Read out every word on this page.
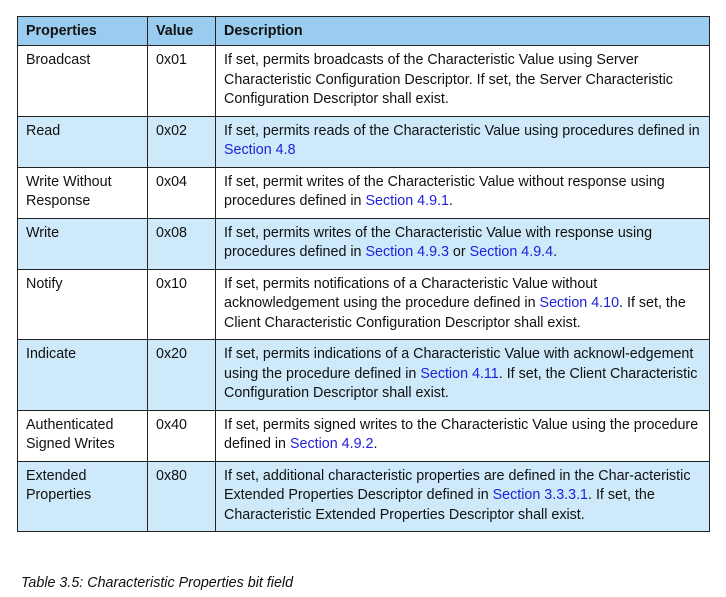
Properties	Value	Description
Broadcast	0x01	If set, permits broadcasts of the Characteristic Value using Server Characteristic Configuration Descriptor. If set, the Server Characteristic Configuration Descriptor shall exist.
Read	0x02	If set, permits reads of the Characteristic Value using procedures defined in Section 4.8
Write Without Response	0x04	If set, permit writes of the Characteristic Value without response using procedures defined in Section 4.9.1.
Write	0x08	If set, permits writes of the Characteristic Value with response using procedures defined in Section 4.9.3 or Section 4.9.4.
Notify	0x10	If set, permits notifications of a Characteristic Value without acknowledgement using the procedure defined in Section 4.10. If set, the Client Characteristic Configuration Descriptor shall exist.
Indicate	0x20	If set, permits indications of a Characteristic Value with acknowl-edgement using the procedure defined in Section 4.11. If set, the Client Characteristic Configuration Descriptor shall exist.
Authenticated Signed Writes	0x40	If set, permits signed writes to the Characteristic Value using the procedure defined in Section 4.9.2.
Extended Properties	0x80	If set, additional characteristic properties are defined in the Char-acteristic Extended Properties Descriptor defined in Section 3.3.3.1. If set, the Characteristic Extended Properties Descriptor shall exist.
Table 3.5: Characteristic Properties bit field
